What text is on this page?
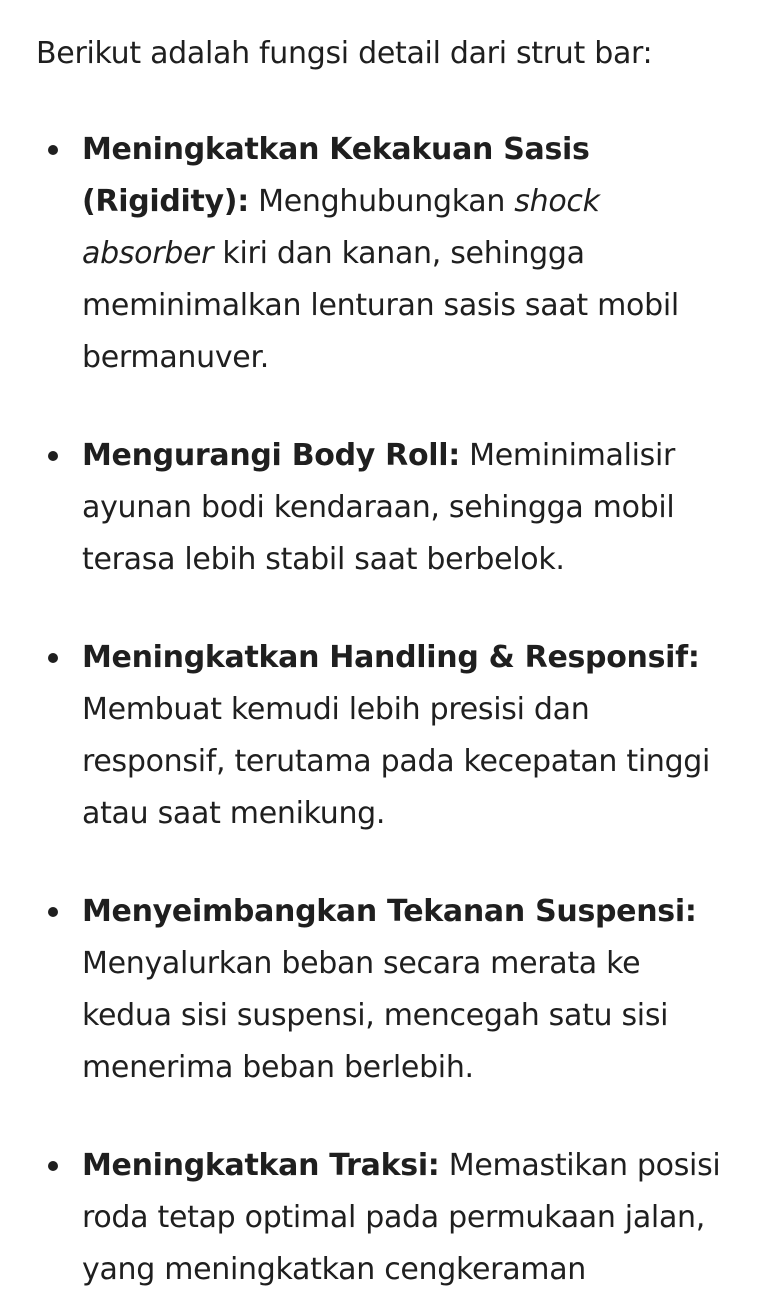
Berikut adalah fungsi detail dari strut bar:

Meningkatkan Kekakuan Sasis (Rigidity): Menghubungkan shock absorber kiri dan kanan, sehingga meminimalkan lenturan sasis saat mobil bermanuver.
Mengurangi Body Roll: Meminimalisir ayunan bodi kendaraan, sehingga mobil terasa lebih stabil saat berbelok.
Meningkatkan Handling & Responsif: Membuat kemudi lebih presisi dan responsif, terutama pada kecepatan tinggi atau saat menikung.
Menyeimbangkan Tekanan Suspensi: Menyalurkan beban secara merata ke kedua sisi suspensi, mencegah satu sisi menerima beban berlebih.
Meningkatkan Traksi: Memastikan posisi roda tetap optimal pada permukaan jalan, yang meningkatkan cengkeraman
